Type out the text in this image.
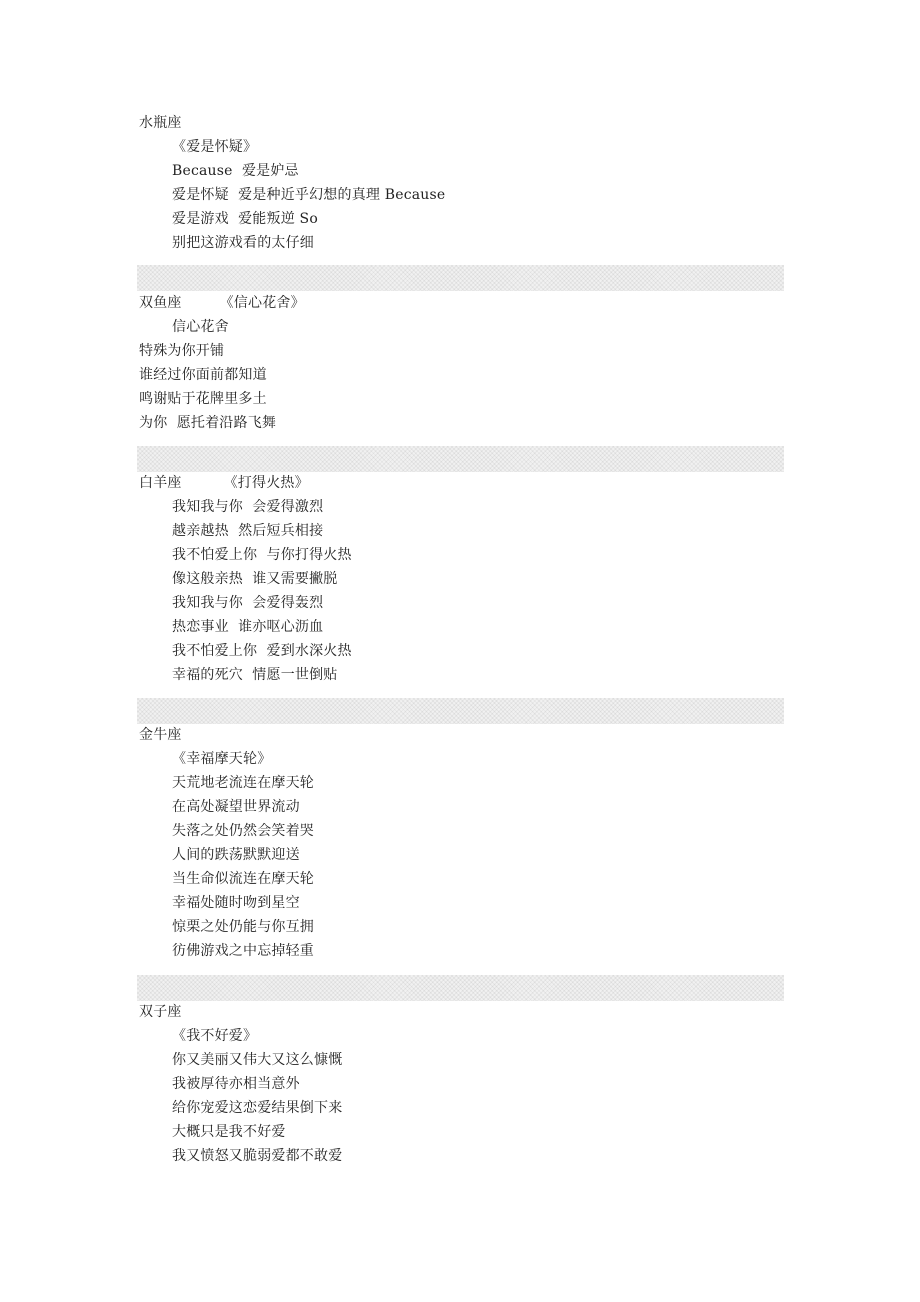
水瓶座
《爱是怀疑》
Because  爱是妒忌
爱是怀疑  爱是种近乎幻想的真理 Because
爱是游戏  爱能叛逆 So
别把这游戏看的太仔细
双鱼座	《信心花舍》
信心花舍
特殊为你开铺
谁经过你面前都知道
鸣谢贴于花牌里多土
为你  愿托着沿路飞舞
白羊座	《打得火热》
我知我与你  会爱得激烈
越亲越热  然后短兵相接
我不怕爱上你  与你打得火热
像这般亲热  谁又需要撇脱
我知我与你  会爱得轰烈
热恋事业  谁亦呕心沥血
我不怕爱上你  爱到水深火热
幸福的死穴  情愿一世倒贴
金牛座
《幸福摩天轮》
天荒地老流连在摩天轮
在高处凝望世界流动
失落之处仍然会笑着哭
人间的跌荡默默迎送
当生命似流连在摩天轮
幸福处随时吻到星空
惊栗之处仍能与你互拥
彷佛游戏之中忘掉轻重
双子座
《我不好爱》
你又美丽又伟大又这么慷慨
我被厚待亦相当意外
给你宠爱这恋爱结果倒下来
大概只是我不好爱
我又愤怒又脆弱爱都不敢爱
